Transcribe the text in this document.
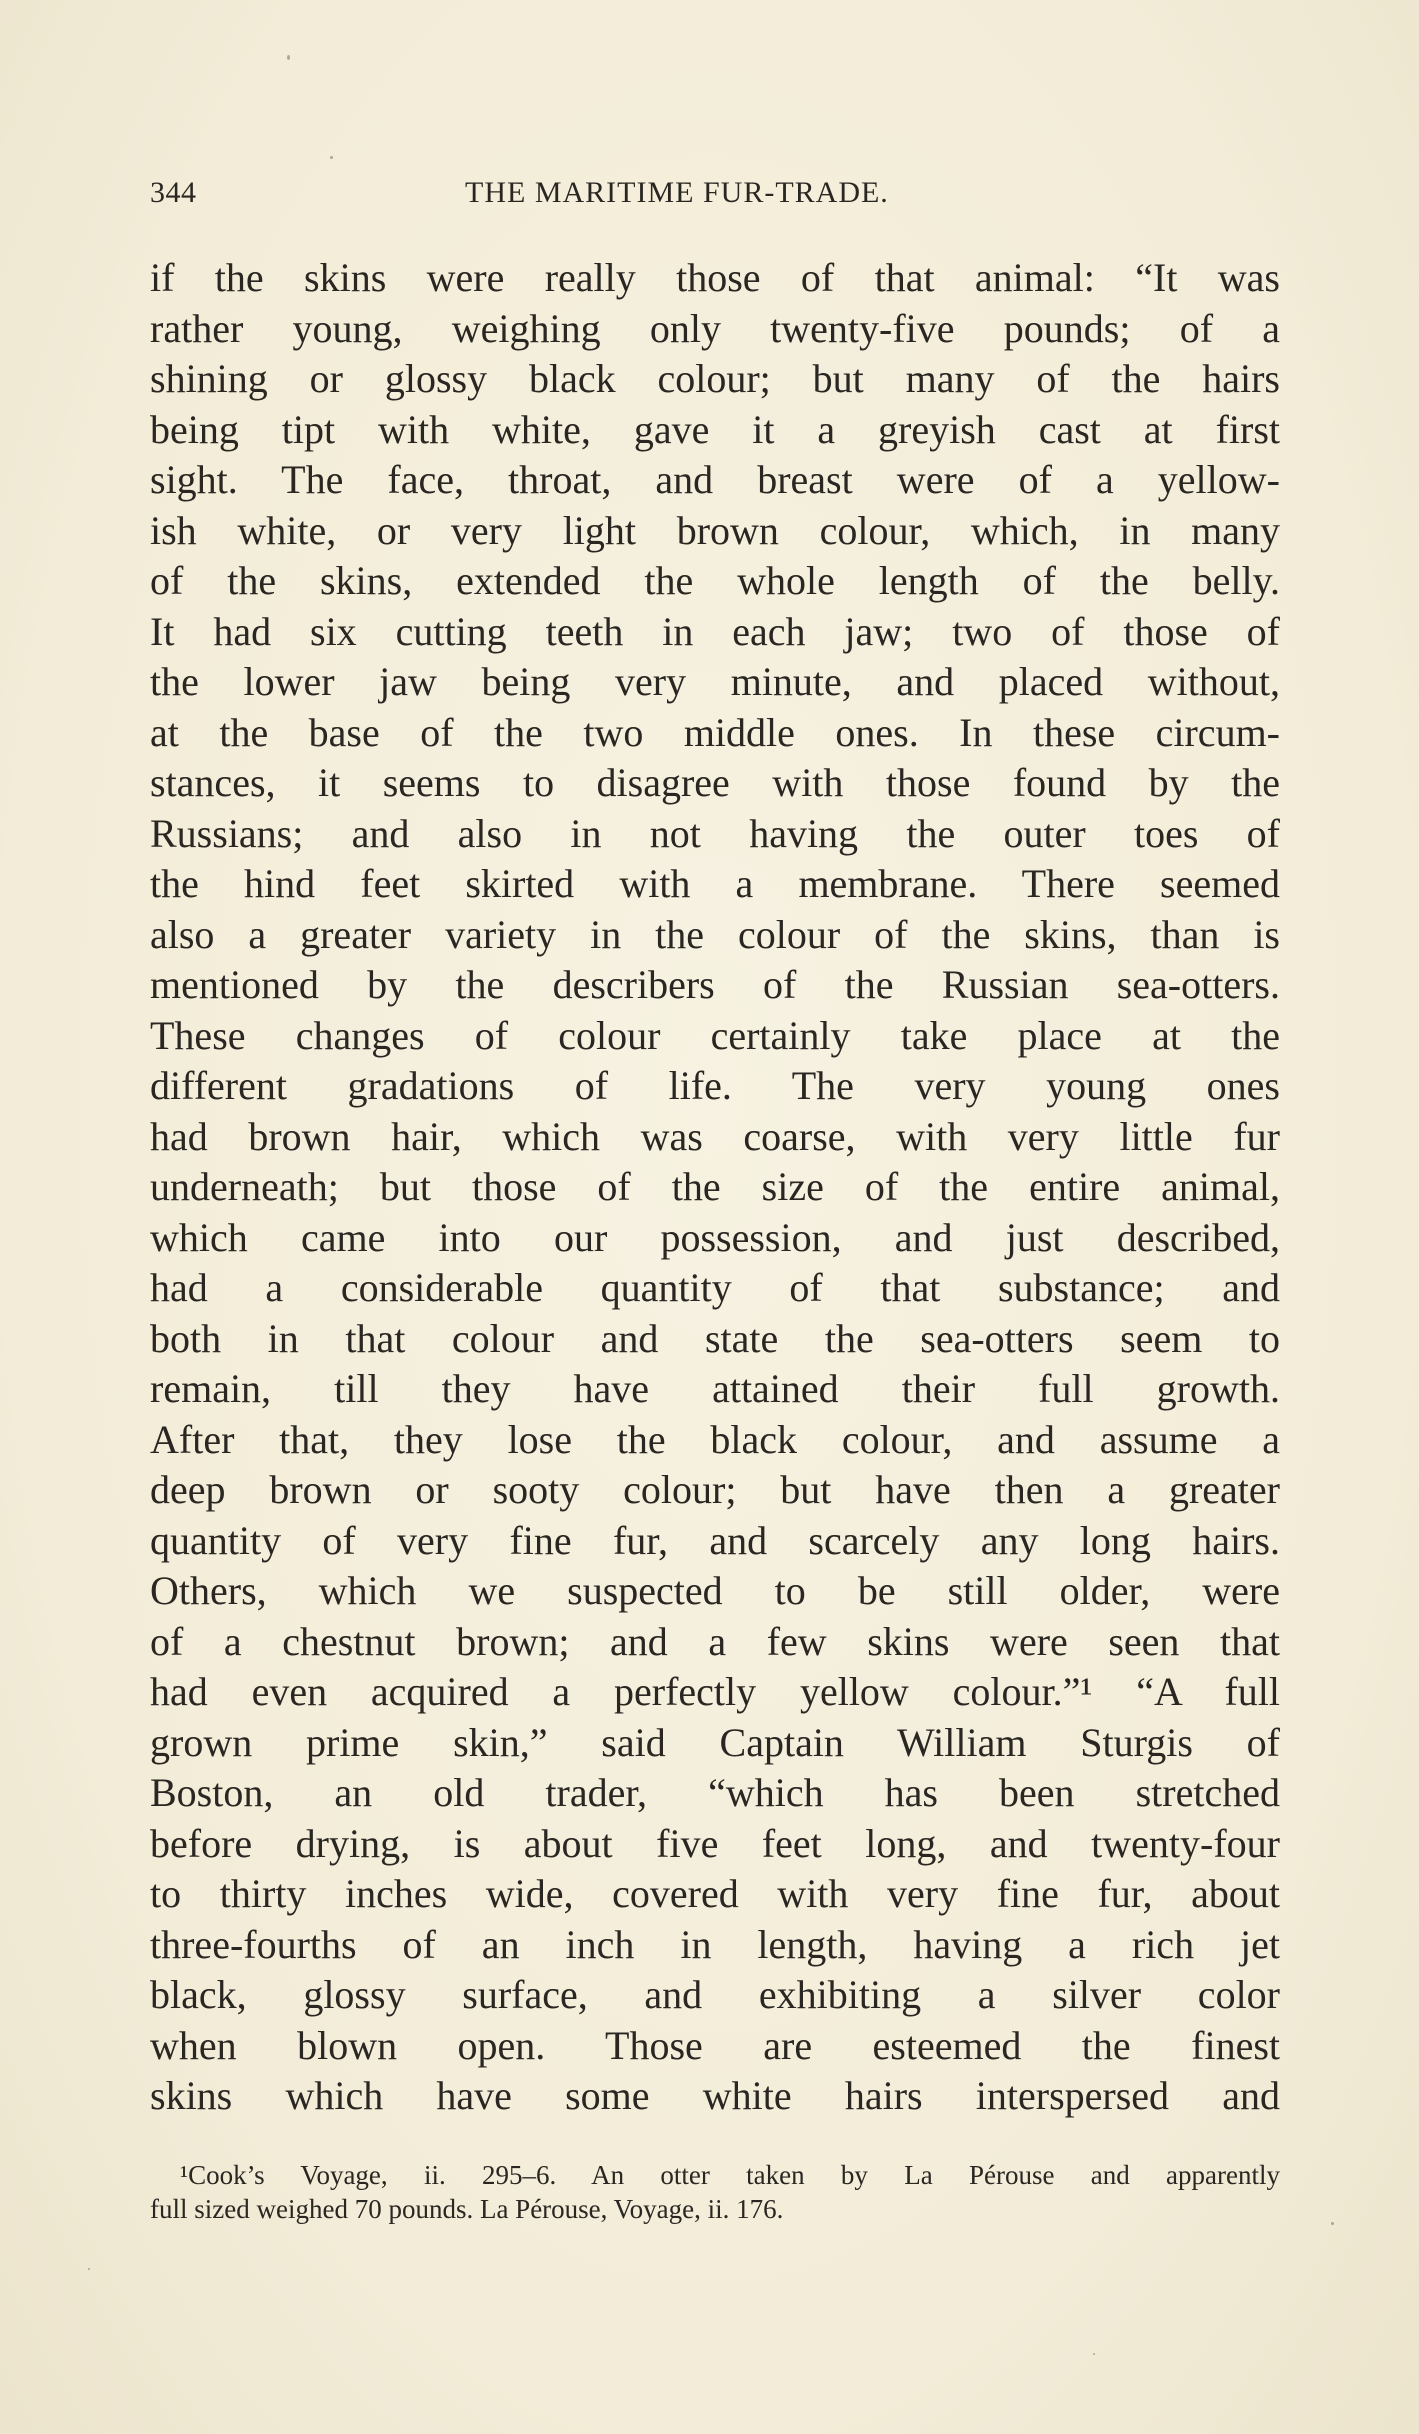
344	THE MARITIME FUR-TRADE.
if the skins were really those of that animal: “It was
rather young, weighing only twenty-five pounds; of a
shining or glossy black colour; but many of the hairs
being tipt with white, gave it a greyish cast at first
sight. The face, throat, and breast were of a yellow-
ish white, or very light brown colour, which, in many
of the skins, extended the whole length of the belly.
It had six cutting teeth in each jaw; two of those of
the lower jaw being very minute, and placed without,
at the base of the two middle ones. In these circum-
stances, it seems to disagree with those found by the
Russians; and also in not having the outer toes of
the hind feet skirted with a membrane. There seemed
also a greater variety in the colour of the skins, than is
mentioned by the describers of the Russian sea-otters.
These changes of colour certainly take place at the
different gradations of life. The very young ones
had brown hair, which was coarse, with very little fur
underneath; but those of the size of the entire animal,
which came into our possession, and just described,
had a considerable quantity of that substance; and
both in that colour and state the sea-otters seem to
remain, till they have attained their full growth.
After that, they lose the black colour, and assume a
deep brown or sooty colour; but have then a greater
quantity of very fine fur, and scarcely any long hairs.
Others, which we suspected to be still older, were
of a chestnut brown; and a few skins were seen that
had even acquired a perfectly yellow colour.”¹ “A full
grown prime skin,” said Captain William Sturgis of
Boston, an old trader, “which has been stretched
before drying, is about five feet long, and twenty-four
to thirty inches wide, covered with very fine fur, about
three-fourths of an inch in length, having a rich jet
black, glossy surface, and exhibiting a silver color
when blown open. Those are esteemed the finest
skins which have some white hairs interspersed and
¹Cook’s Voyage, ii. 295–6. An otter taken by La Pérouse and apparently
full sized weighed 70 pounds. La Pérouse, Voyage, ii. 176.
